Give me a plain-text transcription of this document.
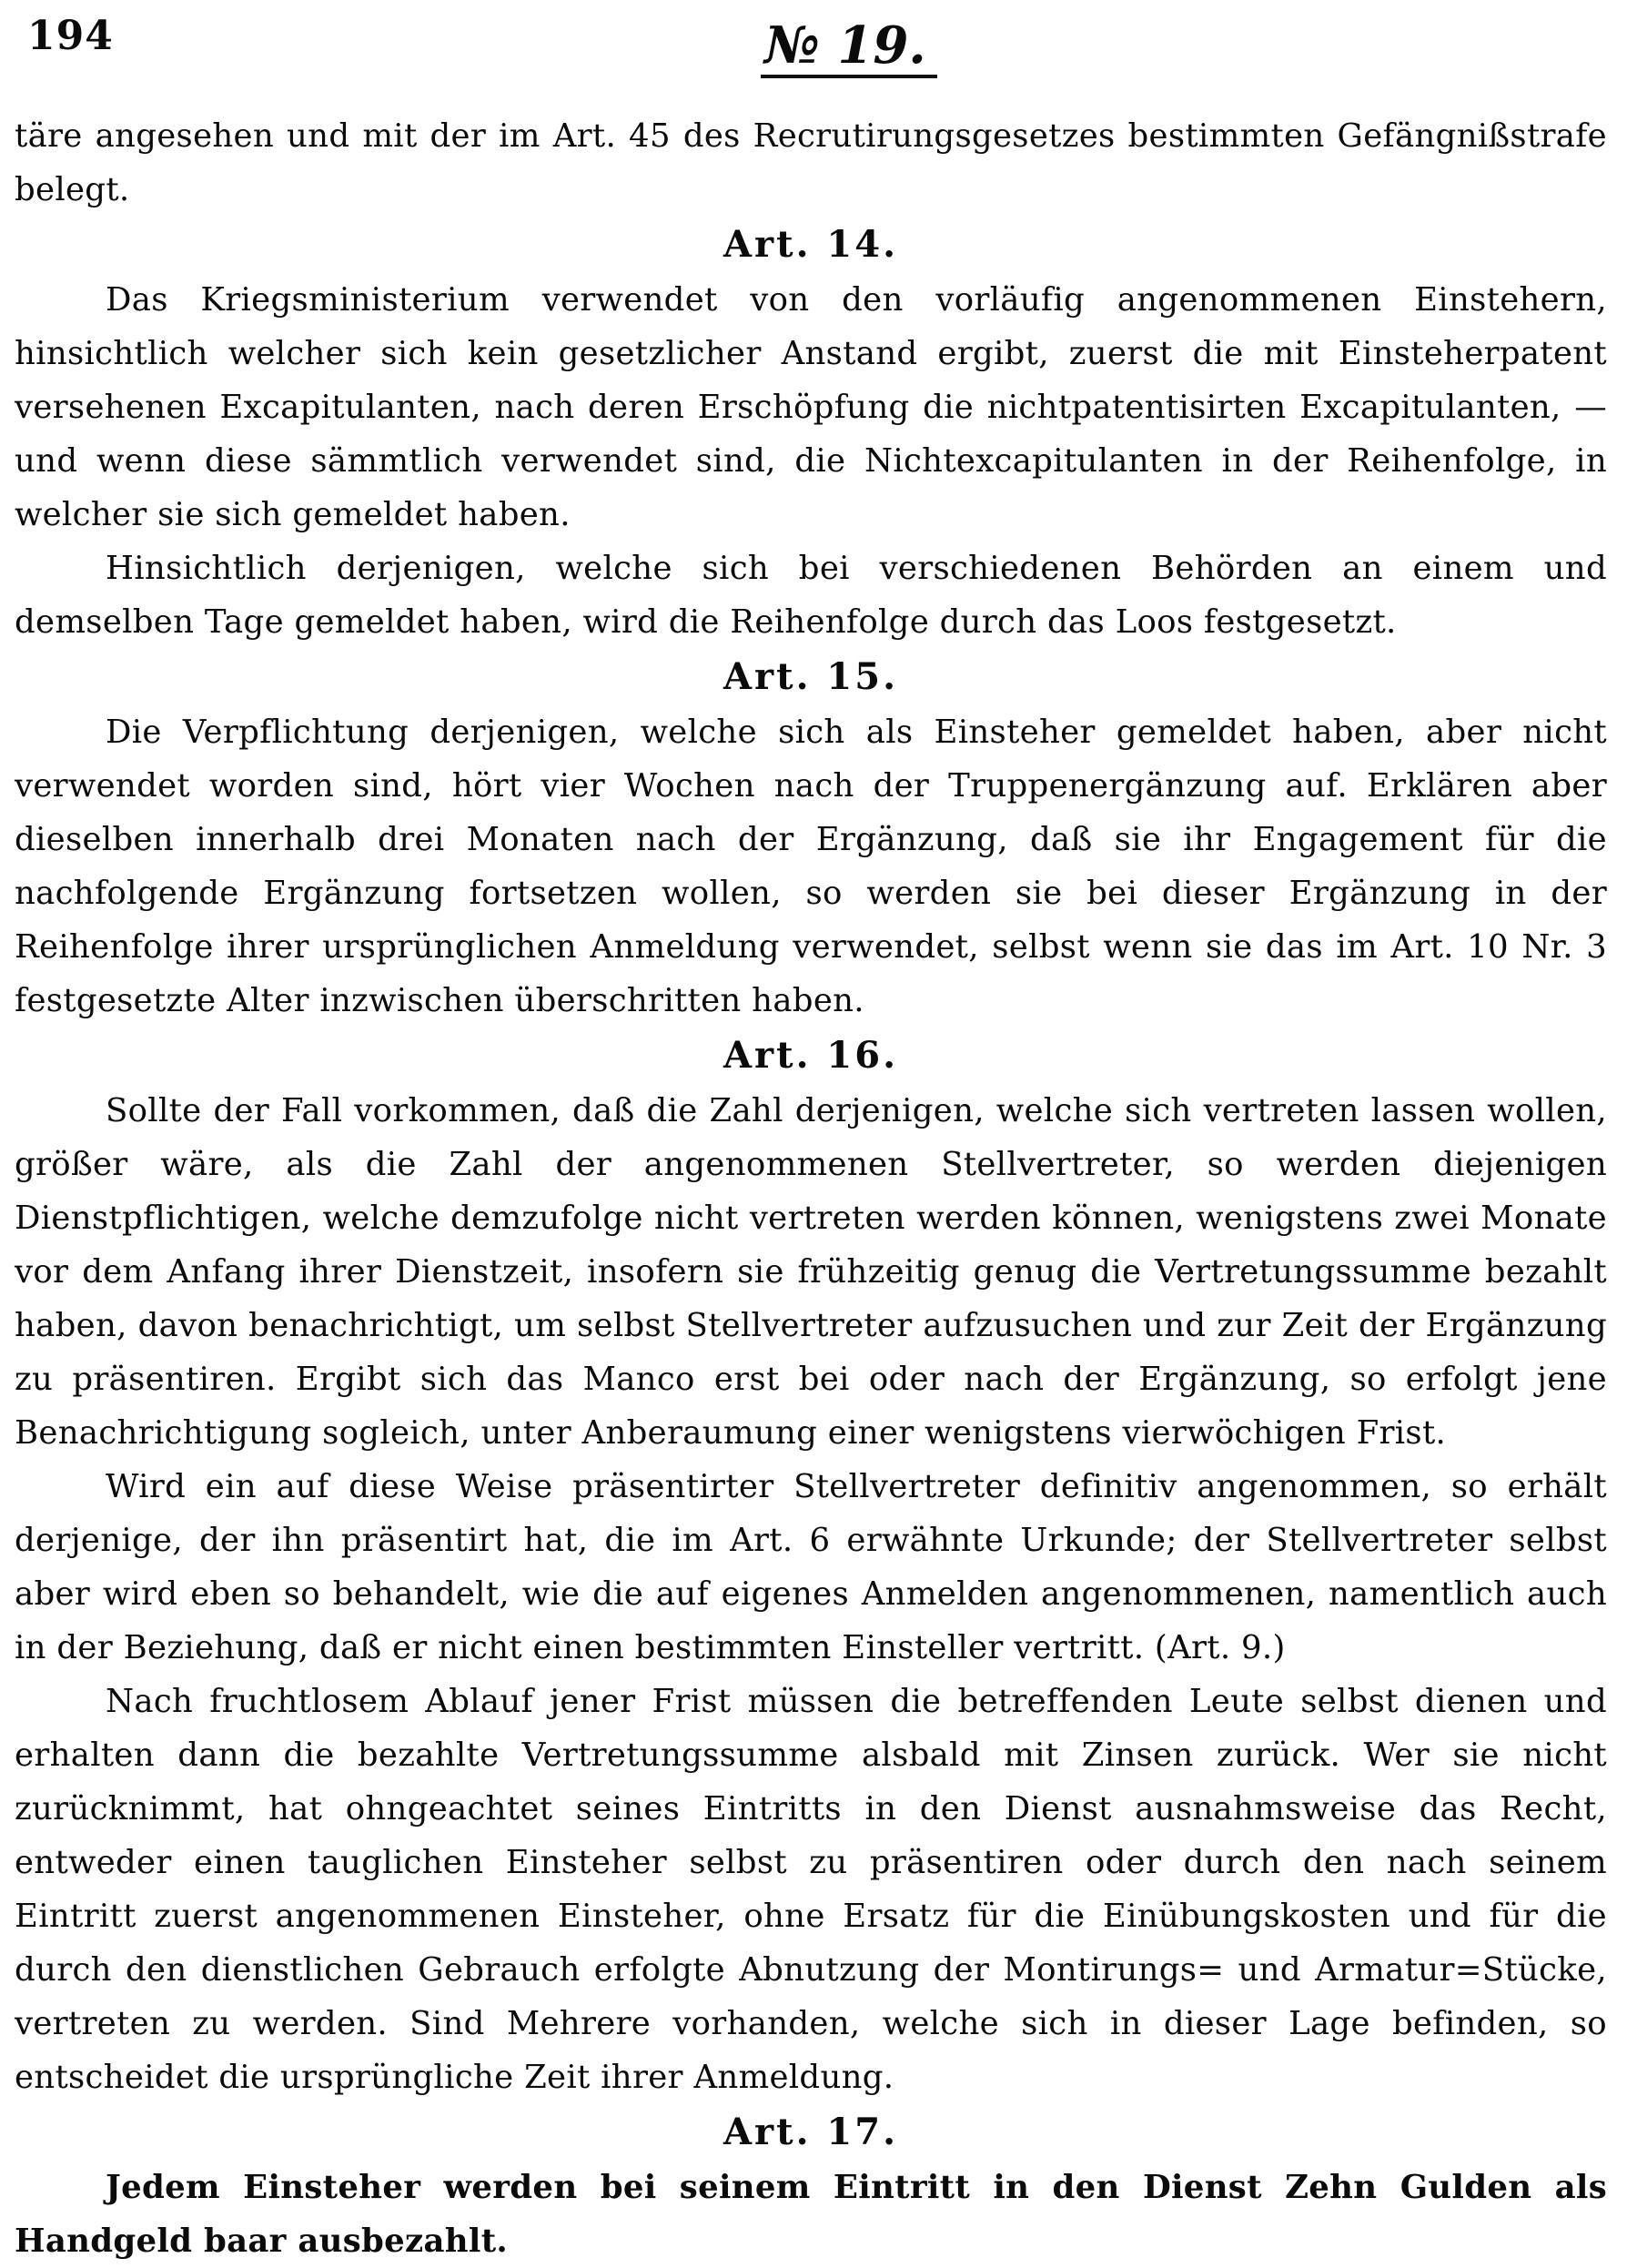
194	№ 19.

täre angesehen und mit der im Art. 45 des Recrutirungsgesetzes bestimmten Gefängnißstrafe belegt.

Art. 14.

Das Kriegsministerium verwendet von den vorläufig angenommenen Einstehern, hinsichtlich welcher sich kein gesetzlicher Anstand ergibt, zuerst die mit Einsteherpatent versehenen Excapitulanten, nach deren Erschöpfung die nichtpatentisirten Excapitulanten, — und wenn diese sämmtlich verwendet sind, die Nichtexcapitulanten in der Reihenfolge, in welcher sie sich gemeldet haben.

Hinsichtlich derjenigen, welche sich bei verschiedenen Behörden an einem und demselben Tage gemeldet haben, wird die Reihenfolge durch das Loos festgesetzt.

Art. 15.

Die Verpflichtung derjenigen, welche sich als Einsteher gemeldet haben, aber nicht verwendet worden sind, hört vier Wochen nach der Truppenergänzung auf. Erklären aber dieselben innerhalb drei Monaten nach der Ergänzung, daß sie ihr Engagement für die nachfolgende Ergänzung fortsetzen wollen, so werden sie bei dieser Ergänzung in der Reihenfolge ihrer ursprünglichen Anmeldung verwendet, selbst wenn sie das im Art. 10 Nr. 3 festgesetzte Alter inzwischen überschritten haben.

Art. 16.

Sollte der Fall vorkommen, daß die Zahl derjenigen, welche sich vertreten lassen wollen, größer wäre, als die Zahl der angenommenen Stellvertreter, so werden diejenigen Dienstpflichtigen, welche demzufolge nicht vertreten werden können, wenigstens zwei Monate vor dem Anfang ihrer Dienstzeit, insofern sie frühzeitig genug die Vertretungssumme bezahlt haben, davon benachrichtigt, um selbst Stellvertreter aufzusuchen und zur Zeit der Ergänzung zu präsentiren. Ergibt sich das Manco erst bei oder nach der Ergänzung, so erfolgt jene Benachrichtigung sogleich, unter Anberaumung einer wenigstens vierwöchigen Frist.

Wird ein auf diese Weise präsentirter Stellvertreter definitiv angenommen, so erhält derjenige, der ihn präsentirt hat, die im Art. 6 erwähnte Urkunde; der Stellvertreter selbst aber wird eben so behandelt, wie die auf eigenes Anmelden angenommenen, namentlich auch in der Beziehung, daß er nicht einen bestimmten Einsteller vertritt. (Art. 9.)

Nach fruchtlosem Ablauf jener Frist müssen die betreffenden Leute selbst dienen und erhalten dann die bezahlte Vertretungssumme alsbald mit Zinsen zurück. Wer sie nicht zurücknimmt, hat ohngeachtet seines Eintritts in den Dienst ausnahmsweise das Recht, entweder einen tauglichen Einsteher selbst zu präsentiren oder durch den nach seinem Eintritt zuerst angenommenen Einsteher, ohne Ersatz für die Einübungskosten und für die durch den dienstlichen Gebrauch erfolgte Abnutzung der Montirungs= und Armatur=Stücke, vertreten zu werden. Sind Mehrere vorhanden, welche sich in dieser Lage befinden, so entscheidet die ursprüngliche Zeit ihrer Anmeldung.

Art. 17.

Jedem Einsteher werden bei seinem Eintritt in den Dienst Zehn Gulden als Handgeld baar ausbezahlt.
